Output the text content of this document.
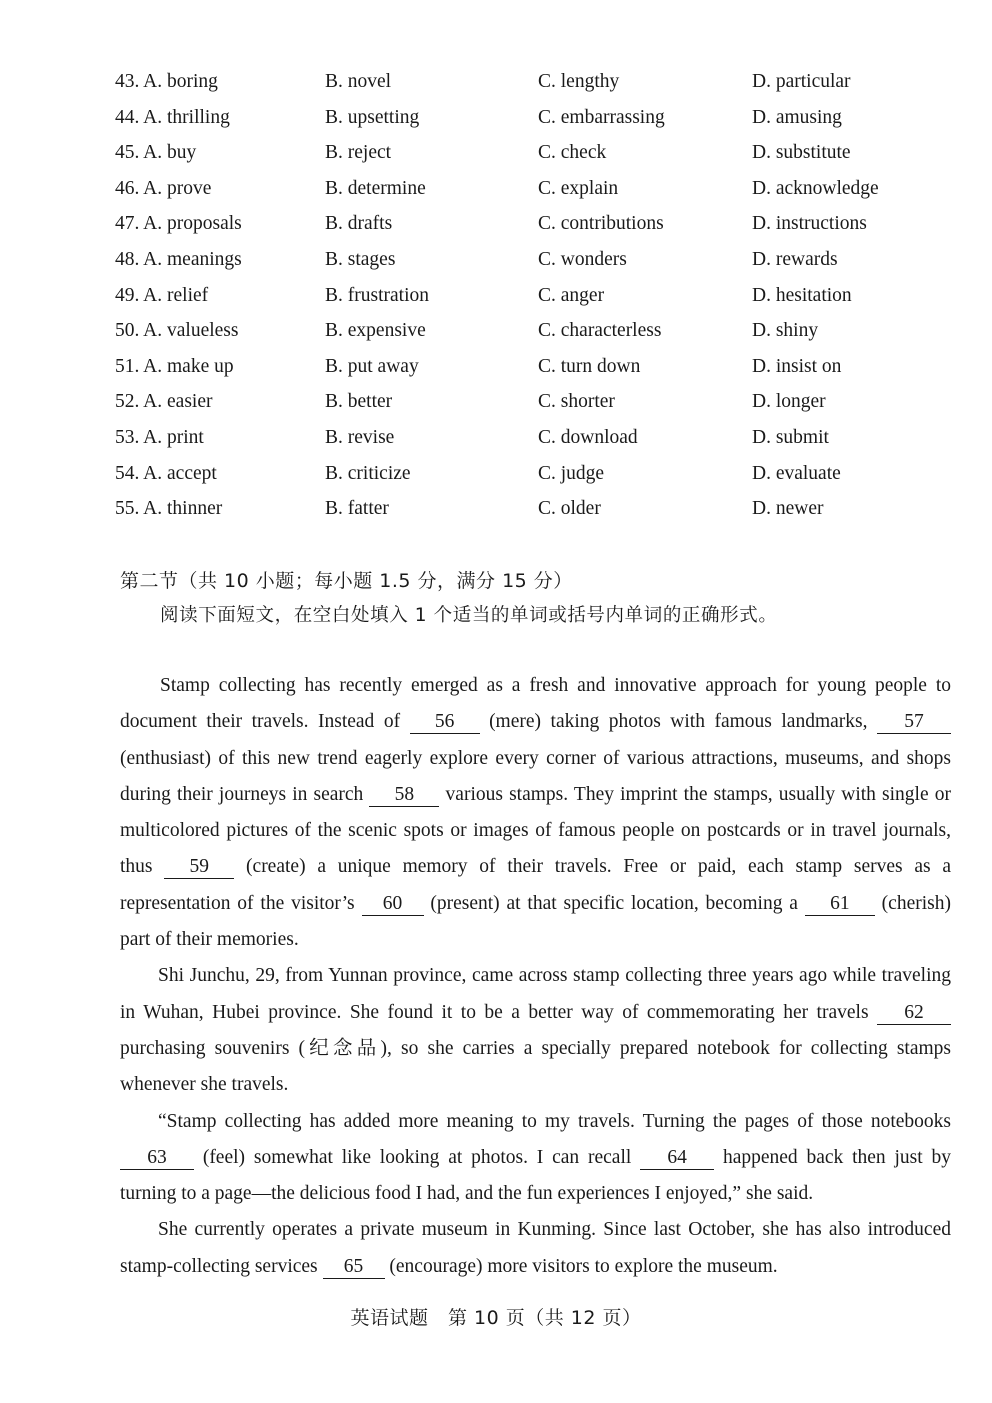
43. A. boring	B. novel	C. lengthy	D. particular
44. A. thrilling	B. upsetting	C. embarrassing	D. amusing
45. A. buy	B. reject	C. check	D. substitute
46. A. prove	B. determine	C. explain	D. acknowledge
47. A. proposals	B. drafts	C. contributions	D. instructions
48. A. meanings	B. stages	C. wonders	D. rewards
49. A. relief	B. frustration	C. anger	D. hesitation
50. A. valueless	B. expensive	C. characterless	D. shiny
51. A. make up	B. put away	C. turn down	D. insist on
52. A. easier	B. better	C. shorter	D. longer
53. A. print	B. revise	C. download	D. submit
54. A. accept	B. criticize	C. judge	D. evaluate
55. A. thinner	B. fatter	C. older	D. newer
第二节（共 10 小题；每小题 1.5 分，满分 15 分）
阅读下面短文，在空白处填入 1 个适当的单词或括号内单词的正确形式。

Stamp collecting has recently emerged as a fresh and innovative approach for young people to document their travels. Instead of 56 (mere) taking photos with famous landmarks, 57 (enthusiast) of this new trend eagerly explore every corner of various attractions, museums, and shops during their journeys in search 58 various stamps. They imprint the stamps, usually with single or multicolored pictures of the scenic spots or images of famous people on postcards or in travel journals, thus 59 (create) a unique memory of their travels. Free or paid, each stamp serves as a representation of the visitor’s 60 (present) at that specific location, becoming a 61 (cherish) part of their memories.

Shi Junchu, 29, from Yunnan province, came across stamp collecting three years ago while traveling in Wuhan, Hubei province. She found it to be a better way of commemorating her travels 62 purchasing souvenirs (纪念品), so she carries a specially prepared notebook for collecting stamps whenever she travels.

“Stamp collecting has added more meaning to my travels. Turning the pages of those notebooks 63 (feel) somewhat like looking at photos. I can recall 64 happened back then just by turning to a page—the delicious food I had, and the fun experiences I enjoyed,” she said.

She currently operates a private museum in Kunming. Since last October, she has also introduced stamp-collecting services 65 (encourage) more visitors to explore the museum.

英语试题　第 10 页（共 12 页）
